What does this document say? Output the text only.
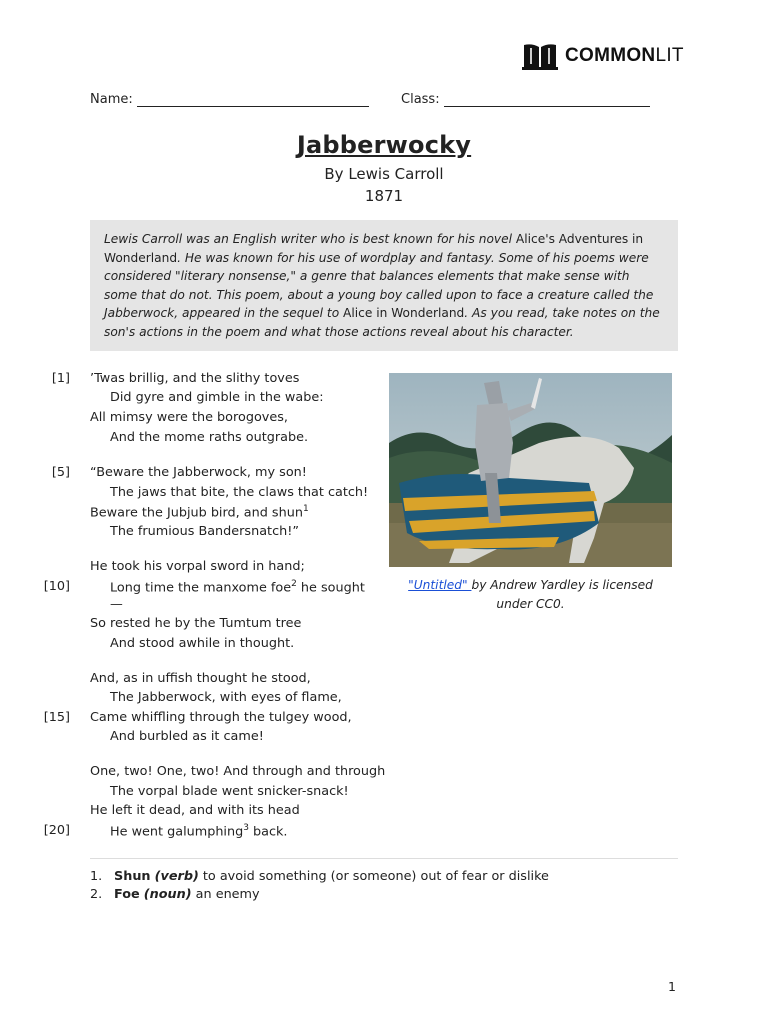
COMMONLIT
Name:	Class:
Jabberwocky
By Lewis Carroll
1871

Lewis Carroll was an English writer who is best known for his novel Alice's Adventures in Wonderland. He was known for his use of wordplay and fantasy. Some of his poems were considered "literary nonsense," a genre that balances elements that make sense with some that do not. This poem, about a young boy called upon to face a creature called the Jabberwock, appeared in the sequel to Alice in Wonderland. As you read, take notes on the son's actions in the poem and what those actions reveal about his character.

[1]
[5]
[10]
[15]
[20]
’Twas brillig, and the slithy toves
Did gyre and gimble in the wabe:
All mimsy were the borogoves,
And the mome raths outgrabe.
“Beware the Jabberwock, my son!
The jaws that bite, the claws that catch!
Beware the Jubjub bird, and shun$^1$
The frumious Bandersnatch!”
He took his vorpal sword in hand;
Long time the manxome foe$^2$ he sought
—
So rested he by the Tumtum tree
And stood awhile in thought.
And, as in uffish thought he stood,
The Jabberwock, with eyes of flame,
Came whiffling through the tulgey wood,
And burbled as it came!
One, two! One, two! And through and through
The vorpal blade went snicker-snack!
He left it dead, and with its head
He went galumphing$^3$ back.
"Untitled" by Andrew Yardley is licensed under CC0.
1. Shun (verb) to avoid something (or someone) out of fear or dislike
2. Foe (noun) an enemy
1
